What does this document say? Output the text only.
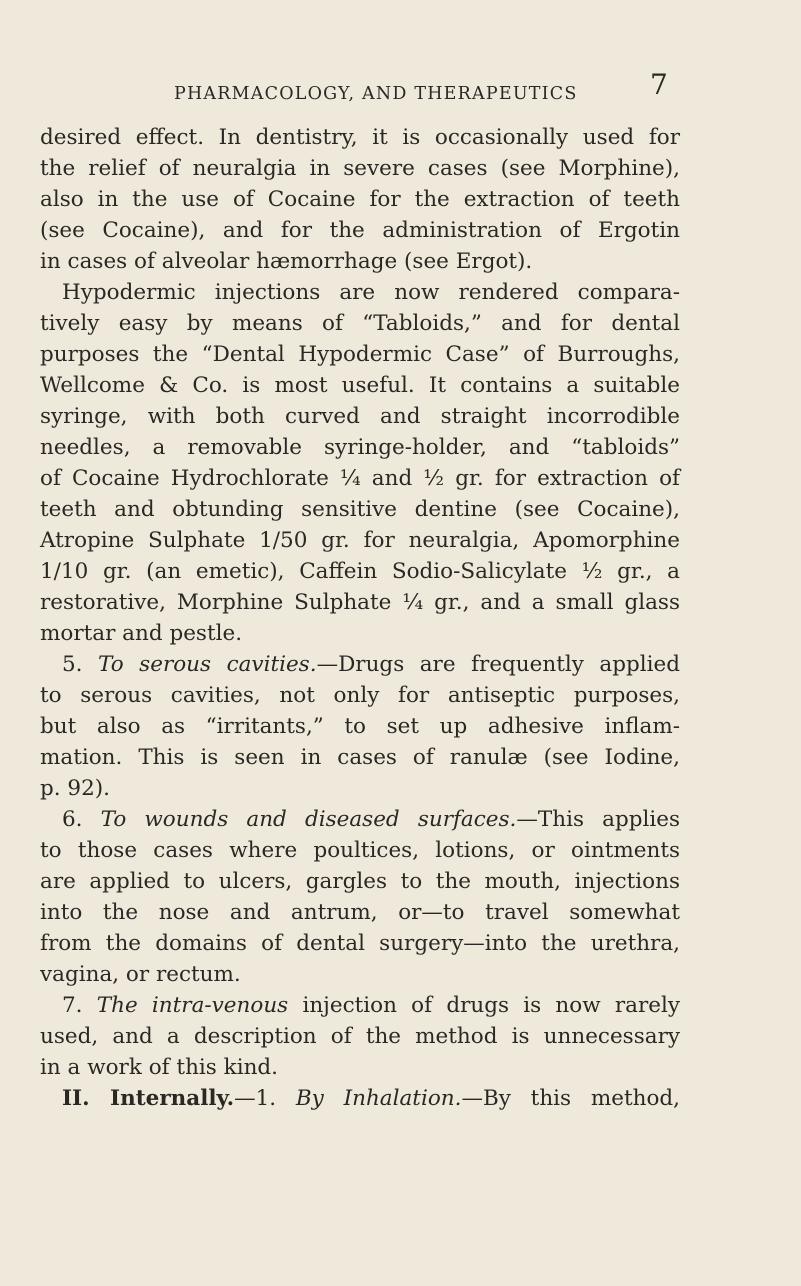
PHARMACOLOGY, AND THERAPEUTICS	7
desired effect. In dentistry, it is occasionally used for
the relief of neuralgia in severe cases (see Morphine),
also in the use of Cocaine for the extraction of teeth
(see Cocaine), and for the administration of Ergotin
in cases of alveolar hæmorrhage (see Ergot).
Hypodermic injections are now rendered compara-
tively easy by means of “Tabloids,” and for dental
purposes the “Dental Hypodermic Case” of Burroughs,
Wellcome & Co. is most useful. It contains a suitable
syringe, with both curved and straight incorrodible
needles, a removable syringe-holder, and “tabloids”
of Cocaine Hydrochlorate ¼ and ½ gr. for extraction of
teeth and obtunding sensitive dentine (see Cocaine),
Atropine Sulphate 1/50 gr. for neuralgia, Apomorphine
1/10 gr. (an emetic), Caffein Sodio-Salicylate ½ gr., a
restorative, Morphine Sulphate ¼ gr., and a small glass
mortar and pestle.
5. To serous cavities.—Drugs are frequently applied
to serous cavities, not only for antiseptic purposes,
but also as “irritants,” to set up adhesive inflam-
mation. This is seen in cases of ranulæ (see Iodine,
p. 92).
6. To wounds and diseased surfaces.—This applies
to those cases where poultices, lotions, or ointments
are applied to ulcers, gargles to the mouth, injections
into the nose and antrum, or—to travel somewhat
from the domains of dental surgery—into the urethra,
vagina, or rectum.
7. The intra-venous injection of drugs is now rarely
used, and a description of the method is unnecessary
in a work of this kind.
II. Internally.—1. By Inhalation.—By this method,
